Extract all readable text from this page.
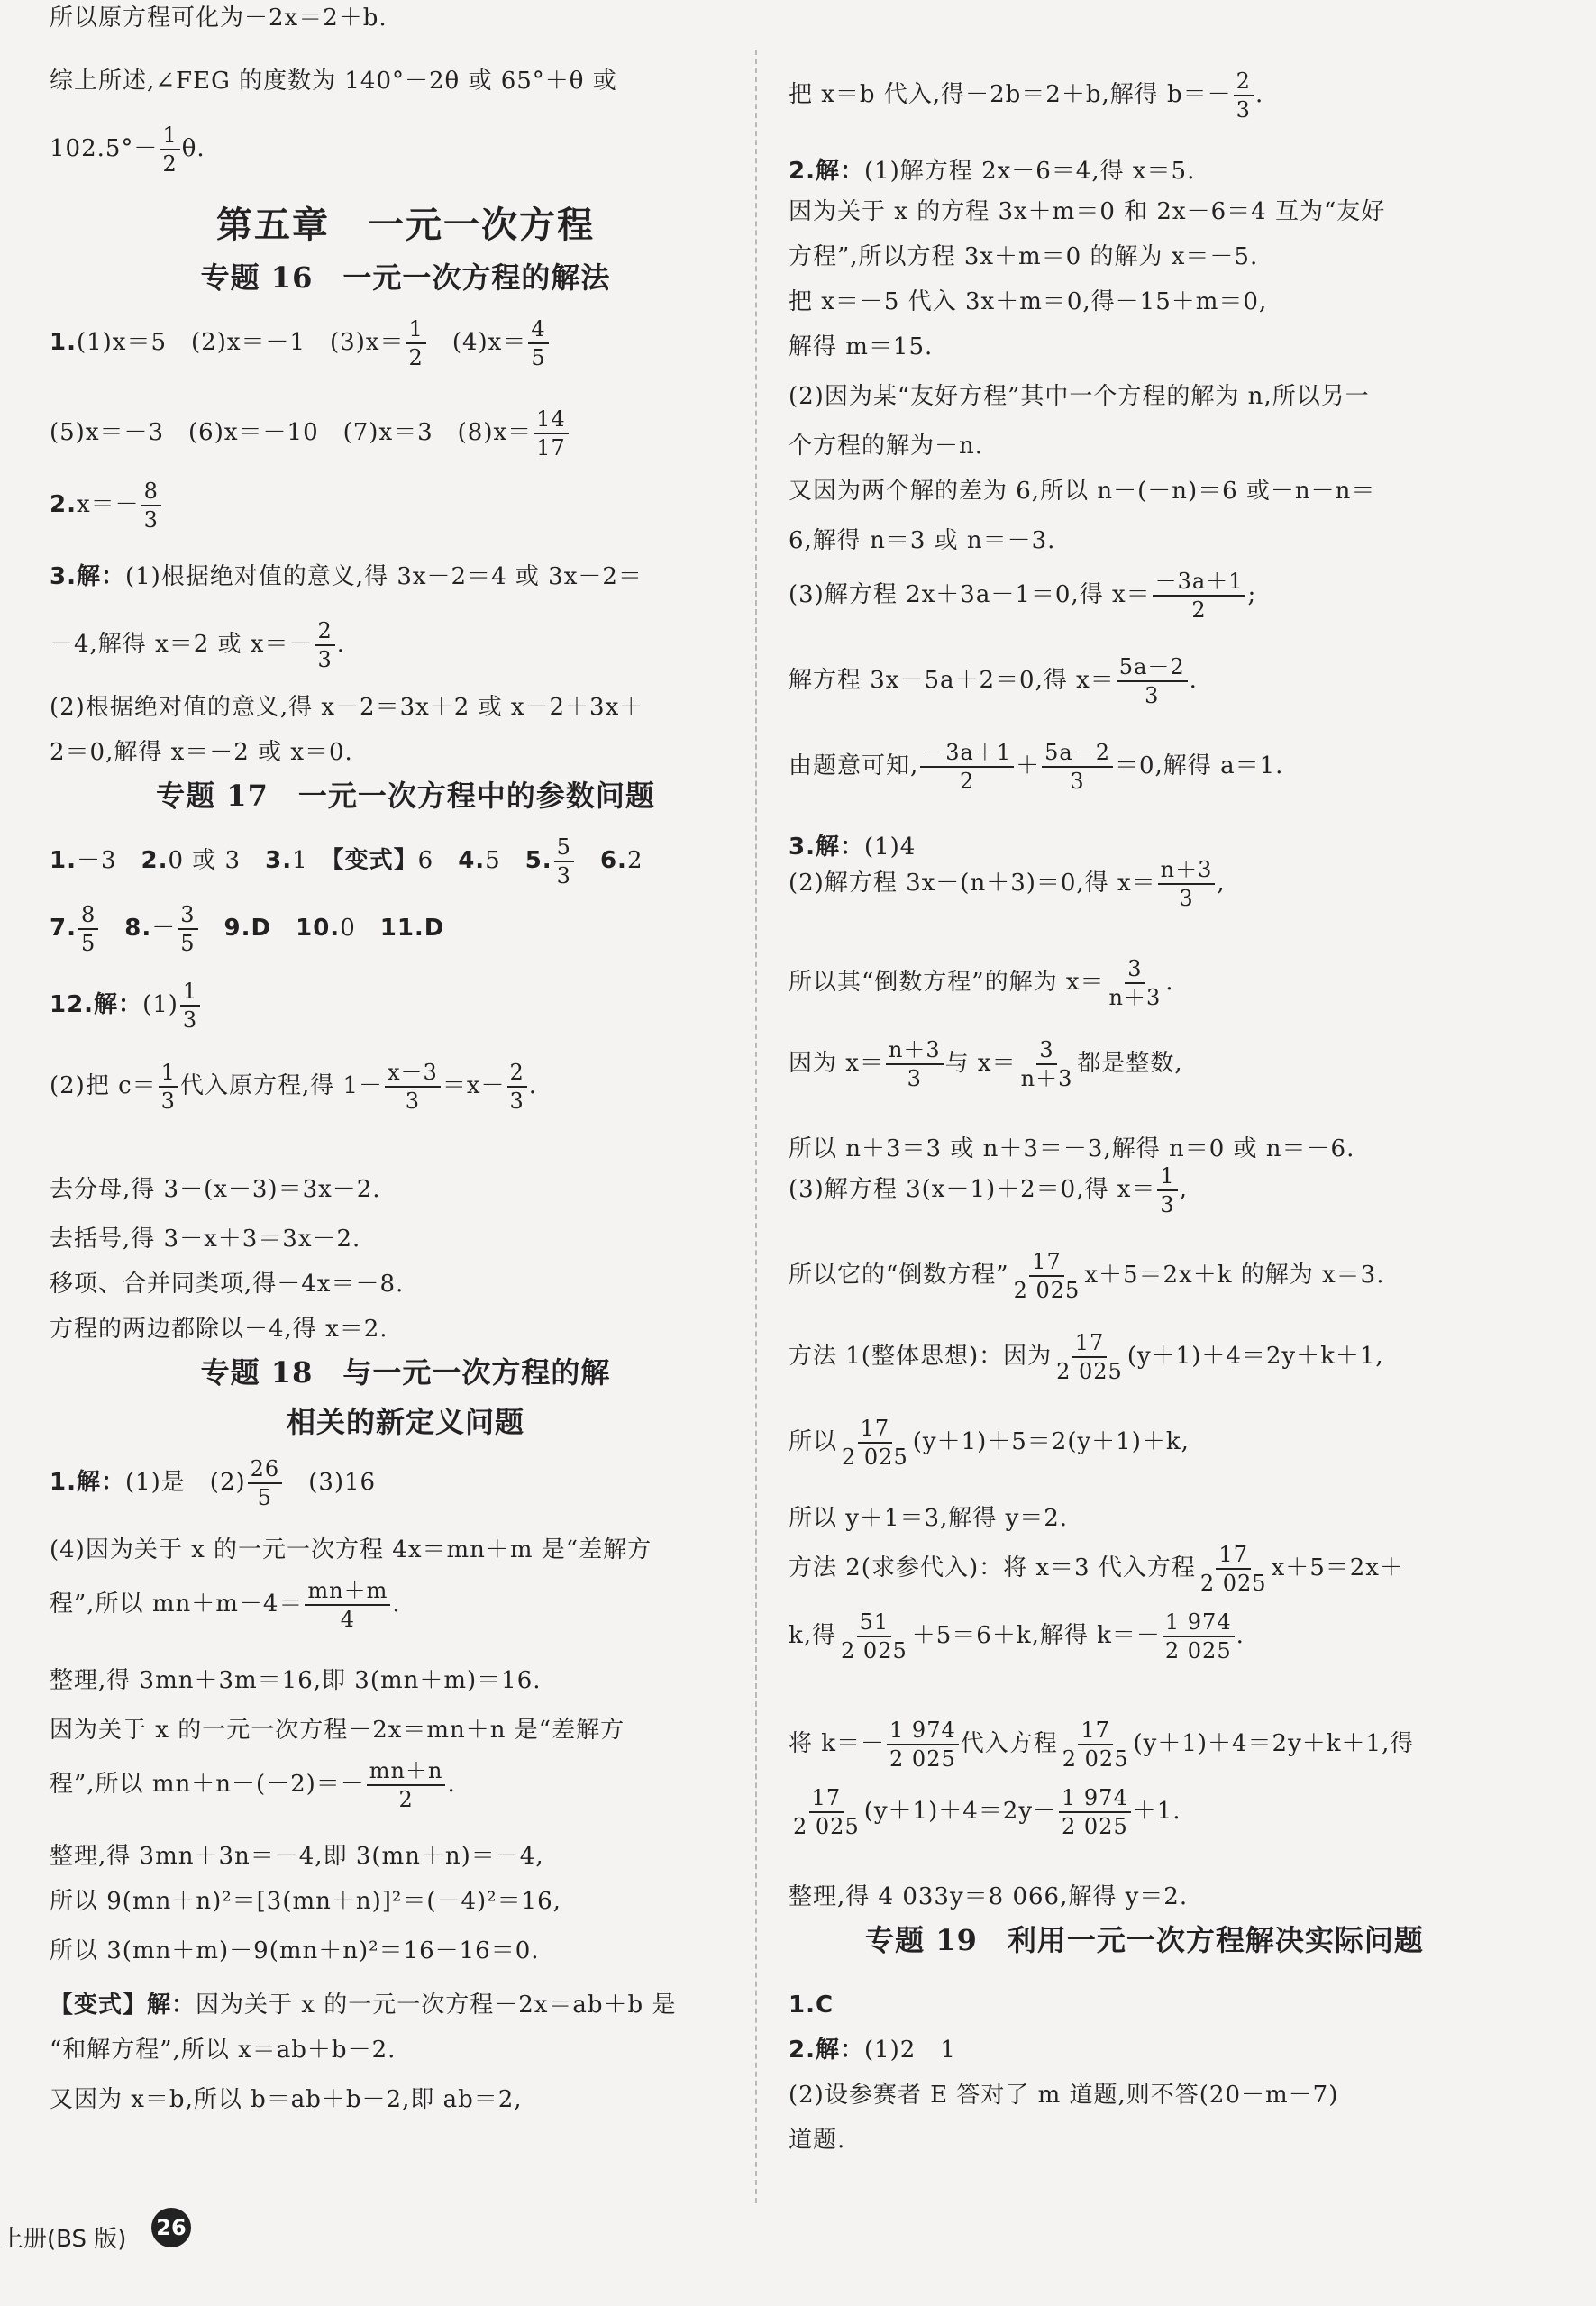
综上所述,∠FEG 的度数为 140°－2θ 或 65°＋θ 或
$102.5^\circ- \frac{1}{2} \theta$.
第五章　一元一次方程
专题 16　一元一次方程的解法
1.(1)x＝5　(2)x＝－1　$(3)x= \frac{1}{2}$ 　$(4)x= \frac{4}{5}$
(5)x＝－3　(6)x＝－10　(7)x＝3　$(8)x= \frac{14}{17}$
$2.x=- \frac{8}{3}$
3.解：(1)根据绝对值的意义,得 3x－2＝4 或 3x－2＝
－4,解得 x＝2 或 $x=- \frac{2}{3}$ .
(2)根据绝对值的意义,得 x－2＝3x＋2 或 x－2＋3x＋
2＝0,解得 x＝－2 或 x＝0.
专题 17　一元一次方程中的参数问题
1.－3　2.0 或 3　3.1　【变式】6　4.5　5. $\frac{5}{3}$
　 6.2
7. $\frac{8}{5}$
　 $8.- \frac{3}{5}$
　 9.D　 10.0　11.D
12.解：$(1) \frac{1}{3}$
(2)把 $c= \frac{1}{3}$ 代入原方程,得 $1- \frac{x-3}{3} =x- \frac{2}{3}$ .
去分母,得 3－(x－3)＝3x－2.
去括号,得 3－x＋3＝3x－2.
移项、合并同类项,得－4x＝－8.
方程的两边都除以－4,得 x＝2.
专题 18　与一元一次方程的解
相关的新定义问题
1.解：(1)是　$(2) \frac{26}{5}$ 　(3)16
(4)因为关于 x 的一元一次方程 4x＝mn＋m 是“差解方
程”,所以 $mn+m-4= \frac{mn+m}{4}$ .
整理,得 3mn＋3m＝16,即 3(mn＋m)＝16.
因为关于 x 的一元一次方程－2x＝mn＋n 是“差解方
程”,所以 $mn+n-(-2)=- \frac{mn+n}{2}$ .
整理,得 3mn＋3n＝－4,即 3(mn＋n)＝－4,
所以 9(mn＋n)²＝[3(mn＋n)]²＝(－4)²＝16,
所以 3(mn＋m)－9(mn＋n)²＝16－16＝0.
【变式】解：因为关于 x 的一元一次方程－2x＝ab＋b 是
“和解方程”,所以 x＝ab＋b－2.
又因为 x＝b,所以 b＝ab＋b－2,即 ab＝2,
所以原方程可化为－2x＝2＋b.
把 x＝b 代入,得－2b＝2＋b,解得 $b=- \frac{2}{3}$ .
2.解：(1)解方程 2x－6＝4,得 x＝5.
因为关于 x 的方程 3x＋m＝0 和 2x－6＝4 互为“友好
方程”,所以方程 3x＋m＝0 的解为 x＝－5.
把 x＝－5 代入 3x＋m＝0,得－15＋m＝0,
解得 m＝15.
(2)因为某“友好方程”其中一个方程的解为 n,所以另一
个方程的解为－n.
又因为两个解的差为 6,所以 n－(－n)＝6 或－n－n＝
6,解得 n＝3 或 n＝－3.
(3)解方程 2x＋3a－1＝0,得 $x= \frac{-3a+1}{2}$ ;
解方程 3x－5a＋2＝0,得 $x= \frac{5a-2}{3}$ .
由题意可知, $\frac{-3a+1}{2} + \frac{5a-2}{3} =0$,解得 a＝1.
3.解：(1)4
(2)解方程 3x－(n＋3)＝0,得 $x= \frac{n+3}{3}$ ,
所以其“倒数方程”的解为 $x= \frac{3}{n+3}$ .
因为 $x= \frac{n+3}{3}$ 与 $x= \frac{3}{n+3}$ 都是整数,
所以 n＋3＝3 或 n＋3＝－3,解得 n＝0 或 n＝－6.
(3)解方程 3(x－1)＋2＝0,得 $x= \frac{1}{3}$ ,
所以它的“倒数方程” $\frac{17}{2 025} x+5=2x+k$ 的解为 x＝3.
方法 1(整体思想)：因为 $\frac{17}{2 025} (y+1)+4=2y+k+1$,
所以 $\frac{17}{2 025} (y+1)+5=2(y+1)+k$,
所以 y＋1＝3,解得 y＝2.
方法 2(求参代入)：将 x＝3 代入方程 $\frac{17}{2 025} x+5=2x+$
k,得 $\frac{51}{2 025} +5=6+k$,解得 $k=- \frac{1 974}{2 025}$ .
将 $k=- \frac{1 974}{2 025}$ 代入方程 $\frac{17}{2 025} (y+1)+4=2y+k+1$,得
$\frac{17}{2 025} (y+1)+4=2y- \frac{1 974}{2 025} +1$.
整理,得 4 033y＝8 066,解得 y＝2.
专题 19　利用一元一次方程解决实际问题
1.C
2.解：(1)2　1
(2)设参赛者 E 答对了 m 道题,则不答(20－m－7)
道题.
上册(BS 版) 26
